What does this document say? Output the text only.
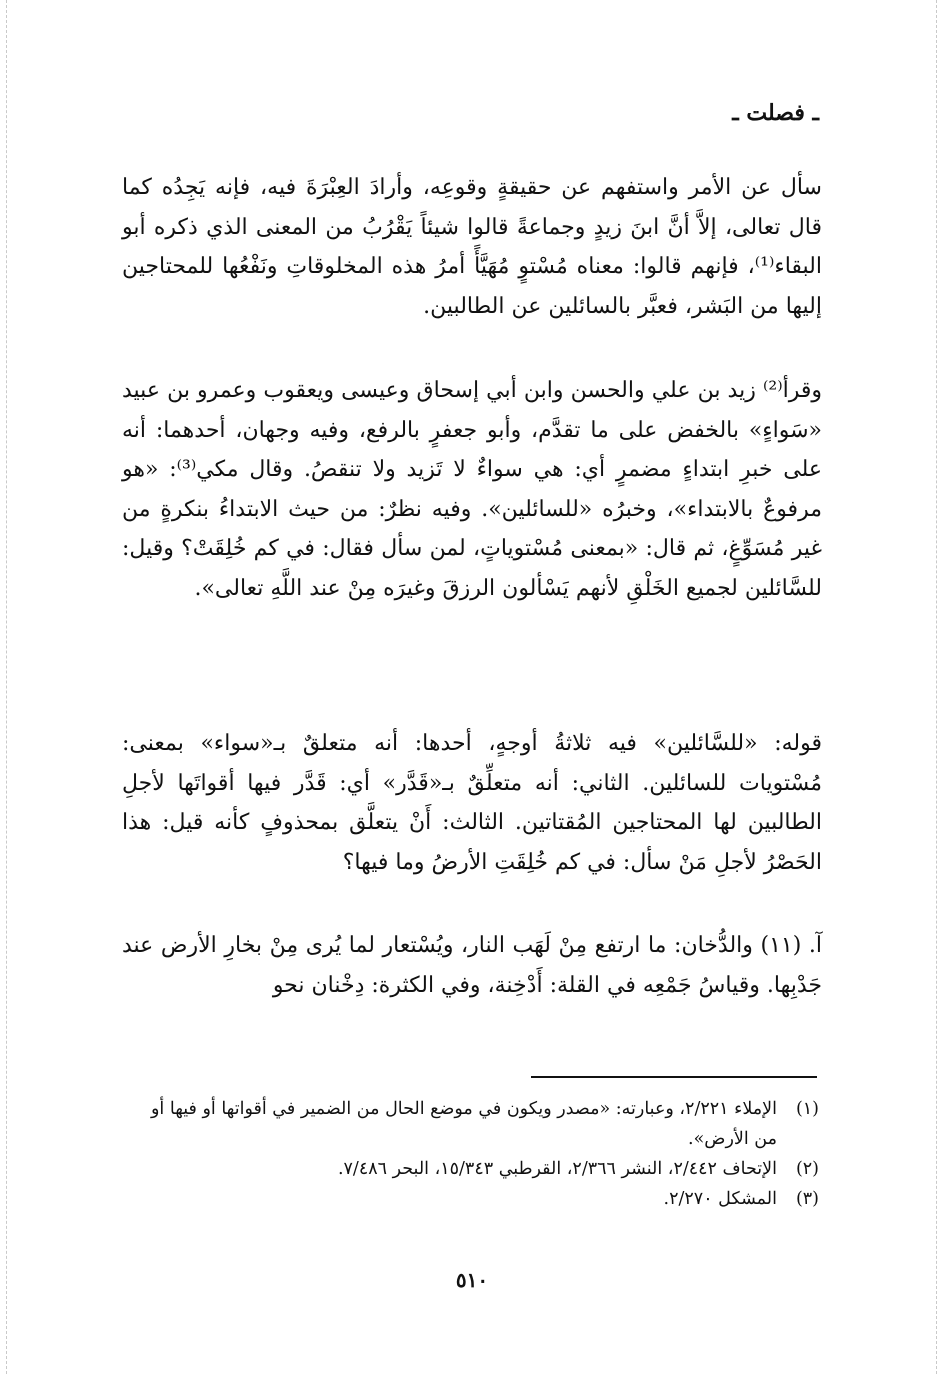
ـ فصلت ـ

سأل عن الأمر واستفهم عن حقيقةٍ وقوعِه، وأرادَ العِبْرَةَ فيه، فإنه يَجِدُه كما قال تعالى، إلاَّ أنَّ ابنَ زيدٍ وجماعةً قالوا شيئاً يَقْرُبُ من المعنى الذي ذكره أبو البقاء⁽¹⁾، فإنهم قالوا: معناه مُسْتوٍ مُهَيَّأً أمرُ هذه المخلوقاتِ ونَفْعُها للمحتاجين إليها من البَشر، فعبَّر بالسائلين عن الطالبين.

وقرأ⁽²⁾ زيد بن علي والحسن وابن أبي إسحاق وعيسى ويعقوب وعمرو بن عبيد «سَواءٍ» بالخفض على ما تقدَّم، وأبو جعفرٍ بالرفع، وفيه وجهان، أحدهما: أنه على خبرِ ابتداءٍ مضمرٍ أي: هي سواءٌ لا تَزيد ولا تنقصُ. وقال مكي⁽³⁾: «هو مرفوعٌ بالابتداء»، وخبرُه «للسائلين». وفيه نظرٌ: من حيث الابتداءُ بنكرةٍ من غير مُسَوِّغٍ، ثم قال: «بمعنى مُسْتوياتٍ، لمن سأل فقال: في كم خُلِقَتْ؟ وقيل: للسَّائلين لجميع الخَلْقِ لأنهم يَسْألون الرزقَ وغيرَه مِنْ عند اللَّهِ تعالى».

قوله: «للسَّائلين» فيه ثلاثةُ أوجهٍ، أحدها: أنه متعلقٌ بـ«سواء» بمعنى: مُسْتويات للسائلين. الثاني: أنه متعلِّقٌ بـ«قَدَّر» أي: قَدَّر فيها أقواتَها لأجلِ الطالبين لها المحتاجين المُقتاتين. الثالث: أَنْ يتعلَّق بمحذوفٍ كأنه قيل: هذا الحَصْرُ لأجلِ مَنْ سأل: في كم خُلِقَتِ الأرضُ وما فيها؟

آ. (١١) والدُّخان: ما ارتفع مِنْ لَهَب النار، ويُسْتعار لما يُرى مِنْ بخارِ الأرض عند جَدْبِها. وقياسُ جَمْعِه في القلة: أَدْخِنة، وفي الكثرة: دِخْنان نحو

(١)
الإملاء ٢/٢٢١، وعبارته: «مصدر ويكون في موضع الحال من الضمير في أقواتها أو فيها أو من الأرض».
(٢)
الإتحاف ٢/٤٤٢، النشر ٢/٣٦٦، القرطبي ١٥/٣٤٣، البحر ٧/٤٨٦.
(٣)
المشكل ٢/٢٧٠.
٥١٠
